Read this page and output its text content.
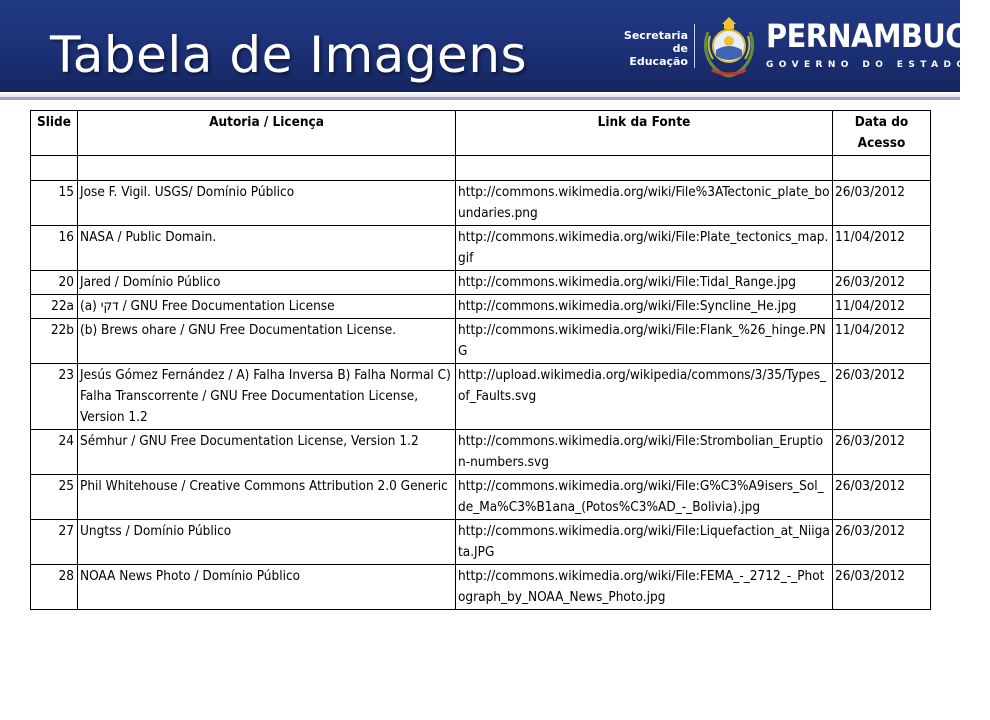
Tabela de Imagens	Secretaria de
Educação
PERNAMBUCO
GOVERNO DO ESTADO
Slide	Autoria / Licença	Link da Fonte	Data do Acesso

15	Jose F. Vigil. USGS/ Domínio Público	http://commons.wikimedia.org/wiki/File%3ATectonic_plate_boundaries.png	26/03/2012
16	NASA / Public Domain.	http://commons.wikimedia.org/wiki/File:Plate_tectonics_map.gif	11/04/2012
20	Jared / Domínio Público	http://commons.wikimedia.org/wiki/File:Tidal_Range.jpg	26/03/2012
22a	(a) דקי / GNU Free Documentation License	http://commons.wikimedia.org/wiki/File:Syncline_He.jpg	11/04/2012
22b	(b) Brews ohare / GNU Free Documentation License.	http://commons.wikimedia.org/wiki/File:Flank_%26_hinge.PNG	11/04/2012
23	Jesús Gómez Fernández / A) Falha Inversa B) Falha Normal C) Falha Transcorrente / GNU Free Documentation License, Version 1.2	http://upload.wikimedia.org/wikipedia/commons/3/35/Types_of_Faults.svg	26/03/2012
24	Sémhur / GNU Free Documentation License, Version 1.2	http://commons.wikimedia.org/wiki/File:Strombolian_Eruption-numbers.svg	26/03/2012
25	Phil Whitehouse / Creative Commons Attribution 2.0 Generic	http://commons.wikimedia.org/wiki/File:G%C3%A9isers_Sol_de_Ma%C3%B1ana_(Potos%C3%AD_-_Bolivia).jpg	26/03/2012
27	Ungtss / Domínio Público	http://commons.wikimedia.org/wiki/File:Liquefaction_at_Niigata.JPG	26/03/2012
28	NOAA News Photo / Domínio Público	http://commons.wikimedia.org/wiki/File:FEMA_-_2712_-_Photograph_by_NOAA_News_Photo.jpg	26/03/2012
